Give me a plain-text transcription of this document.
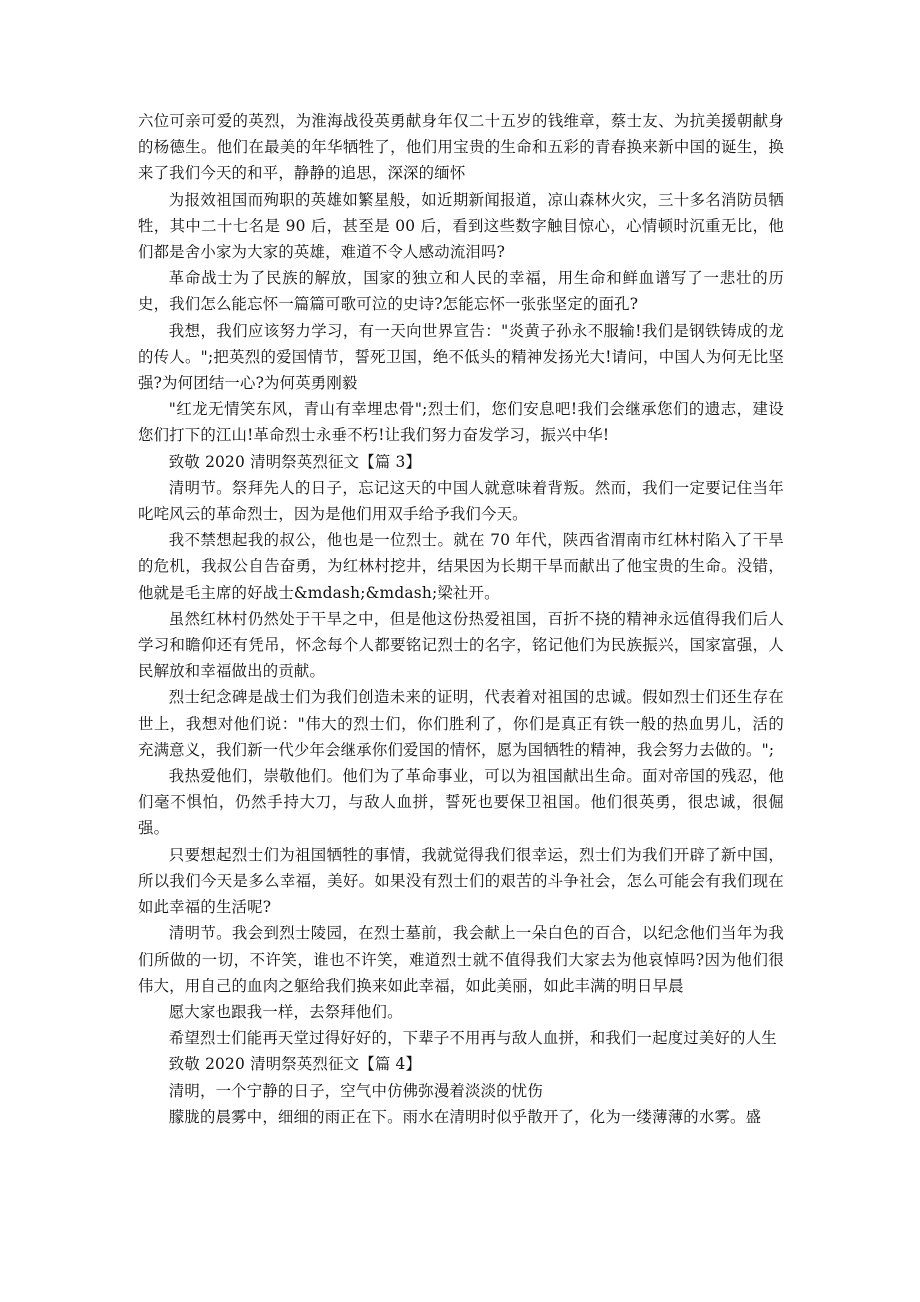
六位可亲可爱的英烈，为淮海战役英勇献身年仅二十五岁的钱维章，蔡士友、为抗美援朝献身的杨德生。他们在最美的年华牺牲了，他们用宝贵的生命和五彩的青春换来新中国的诞生，换来了我们今天的和平，静静的追思，深深的缅怀

为报效祖国而殉职的英雄如繁星般，如近期新闻报道，凉山森林火灾，三十多名消防员牺牲，其中二十七名是 90 后，甚至是 00 后，看到这些数字触目惊心，心情顿时沉重无比，他们都是舍小家为大家的英雄，难道不令人感动流泪吗?

革命战士为了民族的解放，国家的独立和人民的幸福，用生命和鲜血谱写了一悲壮的历史，我们怎么能忘怀一篇篇可歌可泣的史诗?怎能忘怀一张张坚定的面孔?

我想，我们应该努力学习，有一天向世界宣告："炎黄子孙永不服输!我们是钢铁铸成的龙的传人。";把英烈的爱国情节，誓死卫国，绝不低头的精神发扬光大!请问，中国人为何无比坚强?为何团结一心?为何英勇刚毅

"红龙无情笑东风，青山有幸埋忠骨";烈士们，您们安息吧!我们会继承您们的遗志，建设您们打下的江山!革命烈士永垂不朽!让我们努力奋发学习，振兴中华!

致敬 2020 清明祭英烈征文【篇 3】

清明节。祭拜先人的日子，忘记这天的中国人就意味着背叛。然而，我们一定要记住当年叱咤风云的革命烈士，因为是他们用双手给予我们今天。

我不禁想起我的叔公，他也是一位烈士。就在 70 年代，陕西省渭南市红林村陷入了干旱的危机，我叔公自告奋勇，为红林村挖井，结果因为长期干旱而献出了他宝贵的生命。没错，他就是毛主席的好战士&mdash;&mdash;梁社开。

虽然红林村仍然处于干旱之中，但是他这份热爱祖国，百折不挠的精神永远值得我们后人学习和瞻仰还有凭吊，怀念每个人都要铭记烈士的名字，铭记他们为民族振兴，国家富强，人民解放和幸福做出的贡献。

烈士纪念碑是战士们为我们创造未来的证明，代表着对祖国的忠诚。假如烈士们还生存在世上，我想对他们说："伟大的烈士们，你们胜利了，你们是真正有铁一般的热血男儿，活的充满意义，我们新一代少年会继承你们爱国的情怀，愿为国牺牲的精神，我会努力去做的。";

我热爱他们，崇敬他们。他们为了革命事业，可以为祖国献出生命。面对帝国的残忍，他们毫不惧怕，仍然手持大刀，与敌人血拼，誓死也要保卫祖国。他们很英勇，很忠诚，很倔强。

只要想起烈士们为祖国牺牲的事情，我就觉得我们很幸运，烈士们为我们开辟了新中国，所以我们今天是多么幸福，美好。如果没有烈士们的艰苦的斗争社会，怎么可能会有我们现在如此幸福的生活呢?

清明节。我会到烈士陵园，在烈士墓前，我会献上一朵白色的百合，以纪念他们当年为我们所做的一切，不许笑，谁也不许笑，难道烈士就不值得我们大家去为他哀悼吗?因为他们很伟大，用自己的血肉之躯给我们换来如此幸福，如此美丽，如此丰满的明日早晨

愿大家也跟我一样，去祭拜他们。

希望烈士们能再天堂过得好好的，下辈子不用再与敌人血拼，和我们一起度过美好的人生

致敬 2020 清明祭英烈征文【篇 4】

清明，一个宁静的日子，空气中仿佛弥漫着淡淡的忧伤

朦胧的晨雾中，细细的雨正在下。雨水在清明时似乎散开了，化为一缕薄薄的水雾。盛
